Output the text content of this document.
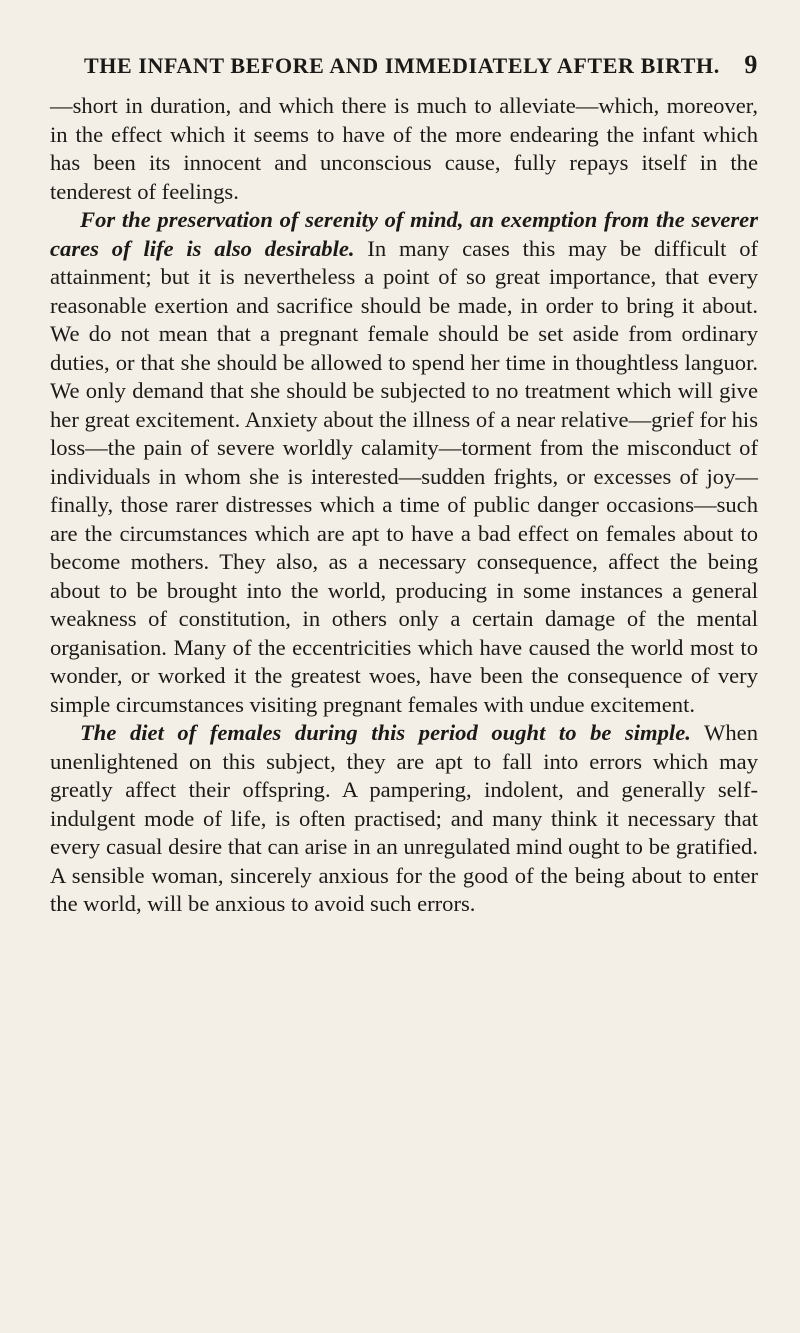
THE INFANT BEFORE AND IMMEDIATELY AFTER BIRTH. 9

—short in duration, and which there is much to alleviate—which, moreover, in the effect which it seems to have of the more endearing the infant which has been its innocent and unconscious cause, fully repays itself in the tenderest of feelings.

For the preservation of serenity of mind, an exemption from the severer cares of life is also desirable. In many cases this may be difficult of attainment; but it is nevertheless a point of so great importance, that every reasonable exertion and sacrifice should be made, in order to bring it about. We do not mean that a pregnant female should be set aside from ordinary duties, or that she should be allowed to spend her time in thoughtless languor. We only demand that she should be subjected to no treatment which will give her great excitement. Anxiety about the illness of a near relative—grief for his loss—the pain of severe worldly calamity—torment from the misconduct of individuals in whom she is interested—sudden frights, or excesses of joy—finally, those rarer distresses which a time of public danger occasions—such are the circumstances which are apt to have a bad effect on females about to become mothers. They also, as a necessary consequence, affect the being about to be brought into the world, producing in some instances a general weakness of constitution, in others only a certain damage of the mental organisation. Many of the eccentricities which have caused the world most to wonder, or worked it the greatest woes, have been the consequence of very simple circumstances visiting pregnant females with undue excitement.

The diet of females during this period ought to be simple. When unenlightened on this subject, they are apt to fall into errors which may greatly affect their offspring. A pampering, indolent, and generally self-indulgent mode of life, is often practised; and many think it necessary that every casual desire that can arise in an unregulated mind ought to be gratified. A sensible woman, sincerely anxious for the good of the being about to enter the world, will be anxious to avoid such errors.
